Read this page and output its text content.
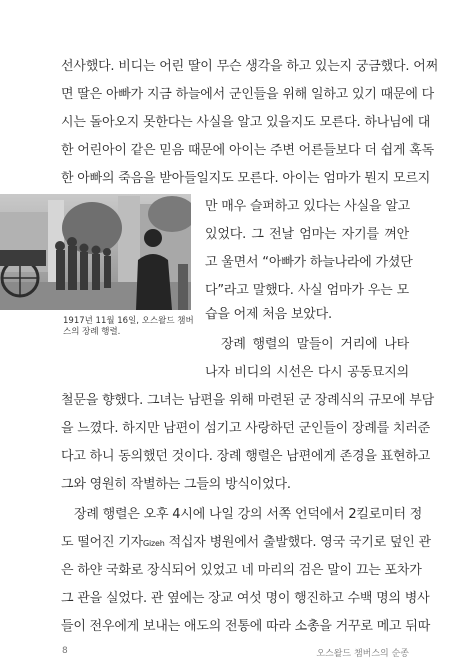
선사했다. 비디는 어린 딸이 무슨 생각을 하고 있는지 궁금했다. 어쩌
면 딸은 아빠가 지금 하늘에서 군인들을 위해 일하고 있기 때문에 다
시는 돌아오지 못한다는 사실을 알고 있을지도 모른다. 하나님에 대
한 어린아이 같은 믿음 때문에 아이는 주변 어른들보다 더 쉽게 혹독
한 아빠의 죽음을 받아들일지도 모른다. 아이는 엄마가 뭔지 모르지
만 매우 슬퍼하고 있다는 사실을 알고
있었다. 그 전날 엄마는 자기를 껴안
고 울면서 “아빠가 하늘나라에 가셨단
다”라고 말했다. 사실 엄마가 우는 모
습을 어제 처음 보았다.
장례 행렬의 말들이 거리에 나타
나자 비디의 시선은 다시 공동묘지의
1917년 11월 16일, 오스왈드 챔버스의 장례 행렬.
철문을 향했다. 그녀는 남편을 위해 마련된 군 장례식의 규모에 부담
을 느꼈다. 하지만 남편이 섬기고 사랑하던 군인들이 장례를 치러준
다고 하니 동의했던 것이다. 장례 행렬은 남편에게 존경을 표현하고
그와 영원히 작별하는 그들의 방식이었다.
장례 행렬은 오후 4시에 나일 강의 서쪽 언덕에서 2킬로미터 정
도 떨어진 기자Gizeh 적십자 병원에서 출발했다. 영국 국기로 덮인 관
은 하얀 국화로 장식되어 있었고 네 마리의 검은 말이 끄는 포차가
그 관을 실었다. 관 옆에는 장교 여섯 명이 행진하고 수백 명의 병사
들이 전우에게 보내는 애도의 전통에 따라 소총을 거꾸로 메고 뒤따
8	오스왈드 챔버스의 순종
